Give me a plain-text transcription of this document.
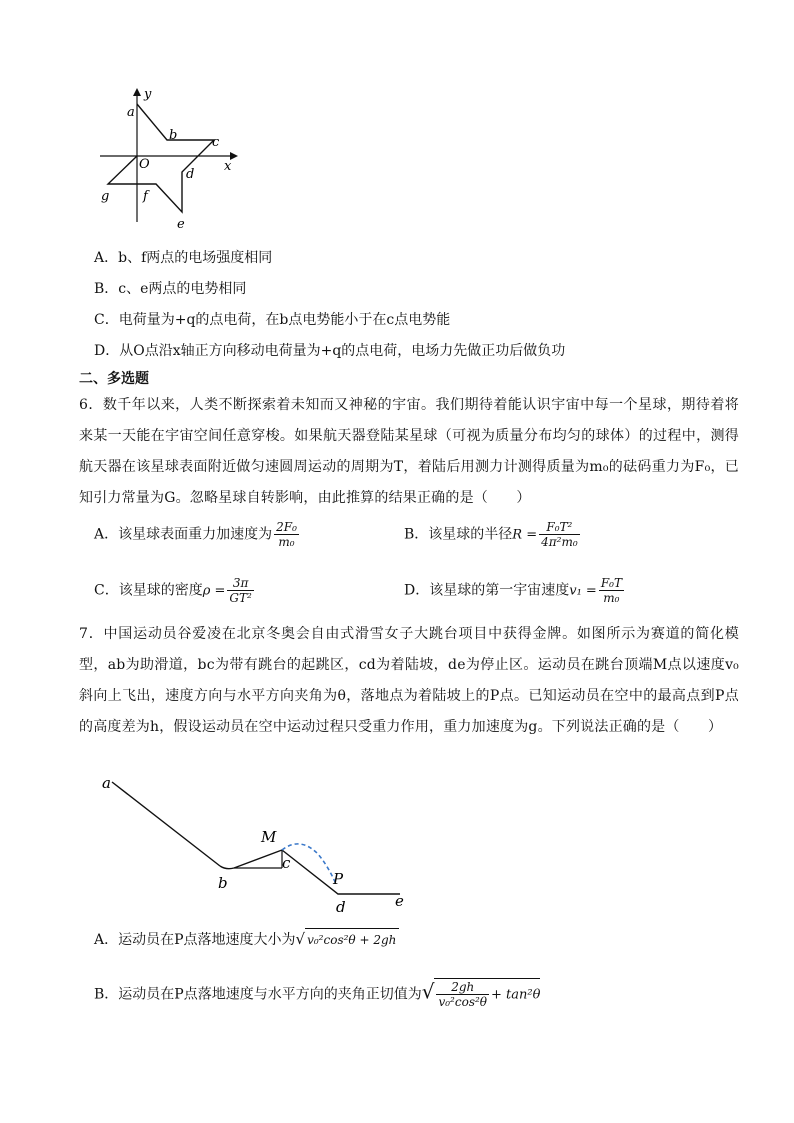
y
x
O
a
b	c
d
e
f
g
A．b、f两点的电场强度相同
B．c、e两点的电势相同
C．电荷量为+q的点电荷，在b点电势能小于在c点电势能
D．从O点沿x轴正方向移动电荷量为+q的点电荷，电场力先做正功后做负功
二、多选题
6．数千年以来，人类不断探索着未知而又神秘的宇宙。我们期待着能认识宇宙中每一个星球，期待着将来某一天能在宇宙空间任意穿梭。如果航天器登陆某星球（可视为质量分布均匀的球体）的过程中，测得航天器在该星球表面附近做匀速圆周运动的周期为T，着陆后用测力计测得质量为m₀的砝码重力为F₀，已知引力常量为G。忽略星球自转影响，由此推算的结果正确的是（　　）
A．该星球表面重力加速度为 $\frac{\text{2F₀}}{\text{m₀}}$	B．该星球的半径$R = \frac{\text{F₀T²}}{\text{4π²m₀}}$
C．该星球的密度$\rho = \frac{3\pi}{\text{GT²}}$	D．该星球的第一宇宙速度$v_1 = \frac{\text{F₀T}}{\text{m₀}}$
7．中国运动员谷爱凌在北京冬奥会自由式滑雪女子大跳台项目中获得金牌。如图所示为赛道的简化模型，ab为助滑道，bc为带有跳台的起跳区，cd为着陆坡，de为停止区。运动员在跳台顶端M点以速度v₀斜向上飞出，速度方向与水平方向夹角为θ，落地点为着陆坡上的P点。已知运动员在空中的最高点到P点的高度差为h，假设运动员在空中运动过程只受重力作用，重力加速度为g。下列说法正确的是（　　）
a
b
c
M
P
d	e
A．运动员在P点落地速度大小为√ v₀²cos²θ + 2gh
B．运动员在P点落地速度与水平方向的夹角正切值为√ $\frac{2gh}{\text{v₀²cos²θ}} + \tan^2\theta$
